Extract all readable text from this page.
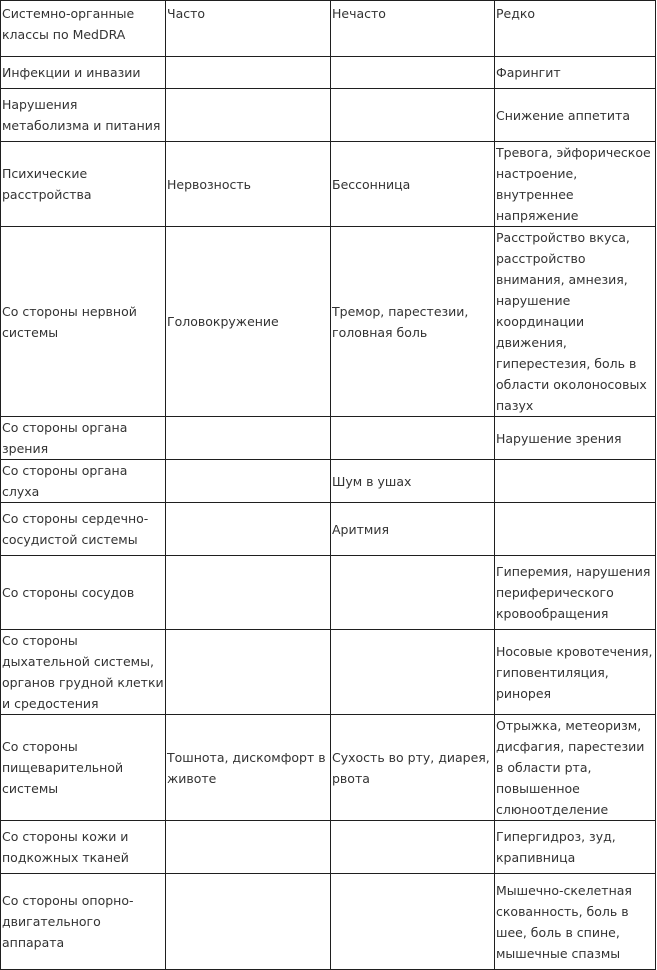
Системно-органные классы по MedDRA	Часто	Нечасто	Редко
Инфекции и инвазии			Фарингит
Нарушения метаболизма и питания			Снижение аппетита
Психические расстройства	Нервозность	Бессонница	Тревога, эйфорическое настроение, внутреннее напряжение
Со стороны нервной системы	Головокружение	Тремор, парестезии, головная боль	Расстройство вкуса, расстройство внимания, амнезия, нарушение координации движения, гиперестезия, боль в области околоносовых пазух
Со стороны органа зрения			Нарушение зрения
Со стороны органа слуха		Шум в ушах	
Со стороны сердечно-сосудистой системы		Аритмия	
Со стороны сосудов			Гиперемия, нарушения периферического кровообращения
Со стороны дыхательной системы, органов грудной клетки и средостения			Носовые кровотечения, гиповентиляция, ринорея
Со стороны пищеварительной системы	Тошнота, дискомфорт в животе	Сухость во рту, диарея, рвота	Отрыжка, метеоризм, дисфагия, парестезии в области рта, повышенное слюноотделение
Со стороны кожи и подкожных тканей			Гипергидроз, зуд, крапивница
Со стороны опорно-двигательного аппарата			Мышечно-скелетная скованность, боль в шее, боль в спине, мышечные спазмы
